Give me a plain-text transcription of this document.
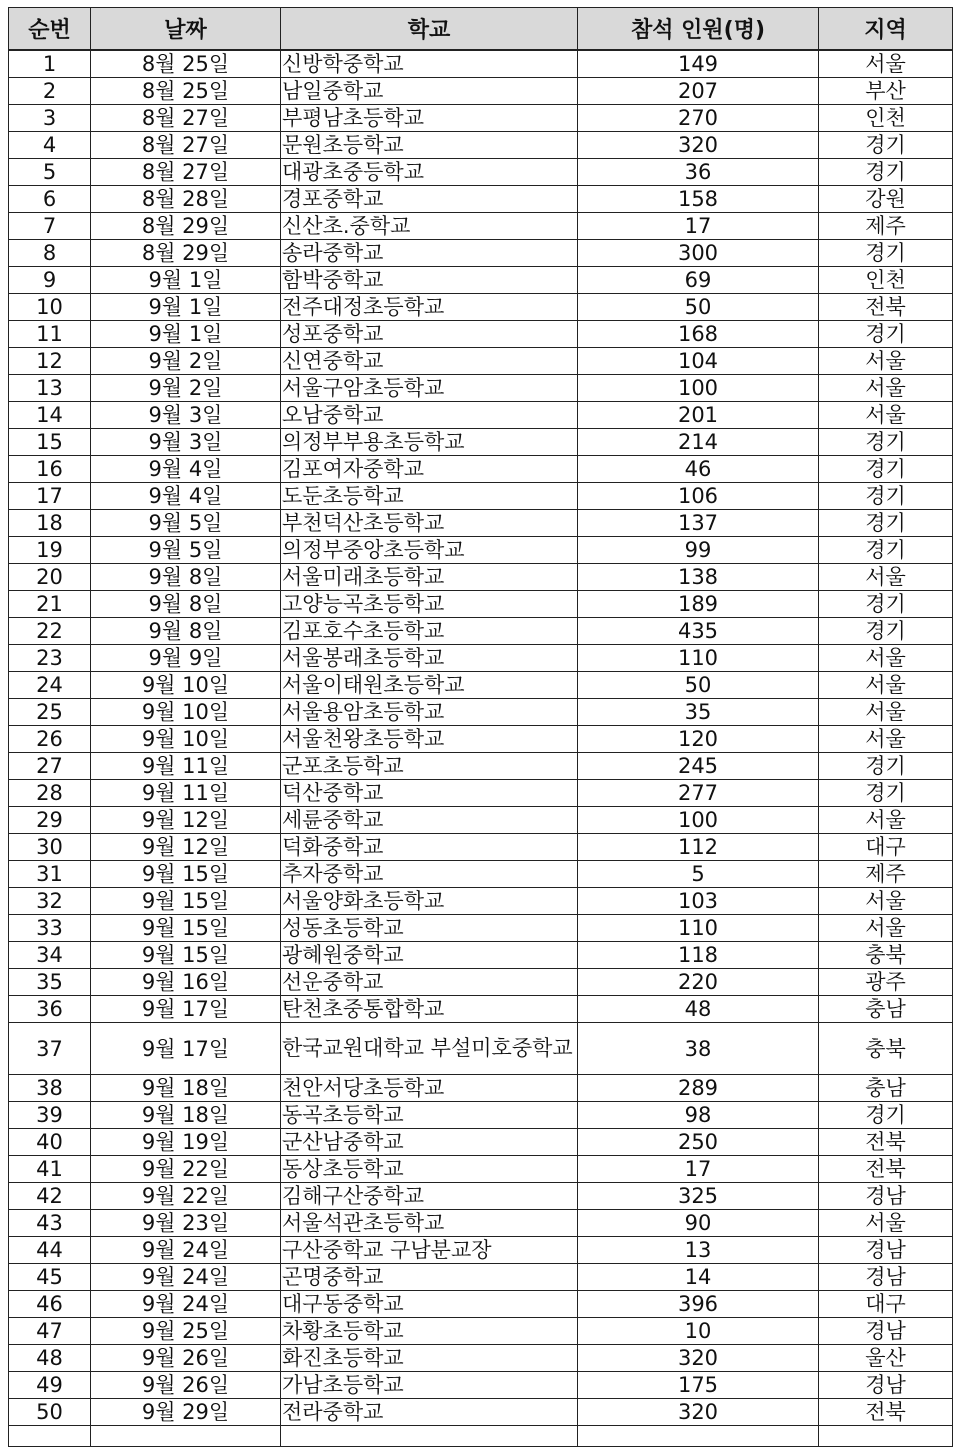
순번	날짜	학교	참석 인원(명)	지역
1	8월 25일	신방학중학교	149	서울
2	8월 25일	남일중학교	207	부산
3	8월 27일	부평남초등학교	270	인천
4	8월 27일	문원초등학교	320	경기
5	8월 27일	대광초중등학교	36	경기
6	8월 28일	경포중학교	158	강원
7	8월 29일	신산초.중학교	17	제주
8	8월 29일	송라중학교	300	경기
9	9월 1일	함박중학교	69	인천
10	9월 1일	전주대정초등학교	50	전북
11	9월 1일	성포중학교	168	경기
12	9월 2일	신연중학교	104	서울
13	9월 2일	서울구암초등학교	100	서울
14	9월 3일	오남중학교	201	서울
15	9월 3일	의정부부용초등학교	214	경기
16	9월 4일	김포여자중학교	46	경기
17	9월 4일	도둔초등학교	106	경기
18	9월 5일	부천덕산초등학교	137	경기
19	9월 5일	의정부중앙초등학교	99	경기
20	9월 8일	서울미래초등학교	138	서울
21	9월 8일	고양능곡초등학교	189	경기
22	9월 8일	김포호수초등학교	435	경기
23	9월 9일	서울봉래초등학교	110	서울
24	9월 10일	서울이태원초등학교	50	서울
25	9월 10일	서울용암초등학교	35	서울
26	9월 10일	서울천왕초등학교	120	서울
27	9월 11일	군포초등학교	245	경기
28	9월 11일	덕산중학교	277	경기
29	9월 12일	세륜중학교	100	서울
30	9월 12일	덕화중학교	112	대구
31	9월 15일	추자중학교	5	제주
32	9월 15일	서울양화초등학교	103	서울
33	9월 15일	성동초등학교	110	서울
34	9월 15일	광혜원중학교	118	충북
35	9월 16일	선운중학교	220	광주
36	9월 17일	탄천초중통합학교	48	충남
37	9월 17일	한국교원대학교 부설미호중학교	38	충북
38	9월 18일	천안서당초등학교	289	충남
39	9월 18일	동곡초등학교	98	경기
40	9월 19일	군산남중학교	250	전북
41	9월 22일	동상초등학교	17	전북
42	9월 22일	김해구산중학교	325	경남
43	9월 23일	서울석관초등학교	90	서울
44	9월 24일	구산중학교 구남분교장	13	경남
45	9월 24일	곤명중학교	14	경남
46	9월 24일	대구동중학교	396	대구
47	9월 25일	차황초등학교	10	경남
48	9월 26일	화진초등학교	320	울산
49	9월 26일	가남초등학교	175	경남
50	9월 29일	전라중학교	320	전북
